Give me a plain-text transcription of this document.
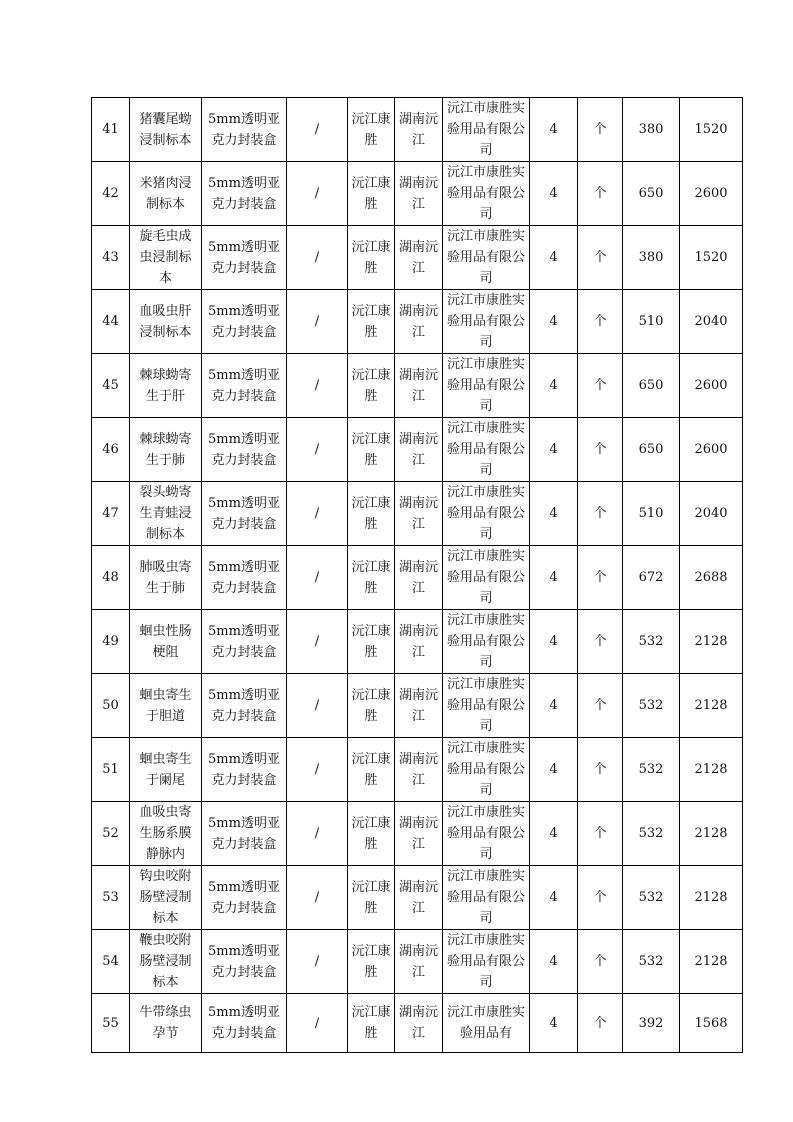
41	猪囊尾蚴浸制标本	5mm透明亚克力封装盒	/	沅江康胜	湖南沅江	沅江市康胜实验用品有限公司	4	个	380	1520
42	米猪肉浸制标本	5mm透明亚克力封装盒	/	沅江康胜	湖南沅江	沅江市康胜实验用品有限公司	4	个	650	2600
43	旋毛虫成虫浸制标本	5mm透明亚克力封装盒	/	沅江康胜	湖南沅江	沅江市康胜实验用品有限公司	4	个	380	1520
44	血吸虫肝浸制标本	5mm透明亚克力封装盒	/	沅江康胜	湖南沅江	沅江市康胜实验用品有限公司	4	个	510	2040
45	棘球蚴寄生于肝	5mm透明亚克力封装盒	/	沅江康胜	湖南沅江	沅江市康胜实验用品有限公司	4	个	650	2600
46	棘球蚴寄生于肺	5mm透明亚克力封装盒	/	沅江康胜	湖南沅江	沅江市康胜实验用品有限公司	4	个	650	2600
47	裂头蚴寄生青蛙浸制标本	5mm透明亚克力封装盒	/	沅江康胜	湖南沅江	沅江市康胜实验用品有限公司	4	个	510	2040
48	肺吸虫寄生于肺	5mm透明亚克力封装盒	/	沅江康胜	湖南沅江	沅江市康胜实验用品有限公司	4	个	672	2688
49	蛔虫性肠梗阻	5mm透明亚克力封装盒	/	沅江康胜	湖南沅江	沅江市康胜实验用品有限公司	4	个	532	2128
50	蛔虫寄生于胆道	5mm透明亚克力封装盒	/	沅江康胜	湖南沅江	沅江市康胜实验用品有限公司	4	个	532	2128
51	蛔虫寄生于阑尾	5mm透明亚克力封装盒	/	沅江康胜	湖南沅江	沅江市康胜实验用品有限公司	4	个	532	2128
52	血吸虫寄生肠系膜静脉内	5mm透明亚克力封装盒	/	沅江康胜	湖南沅江	沅江市康胜实验用品有限公司	4	个	532	2128
53	钩虫咬附肠壁浸制标本	5mm透明亚克力封装盒	/	沅江康胜	湖南沅江	沅江市康胜实验用品有限公司	4	个	532	2128
54	鞭虫咬附肠壁浸制标本	5mm透明亚克力封装盒	/	沅江康胜	湖南沅江	沅江市康胜实验用品有限公司	4	个	532	2128
55	牛带绦虫孕节	5mm透明亚克力封装盒	/	沅江康胜	湖南沅江	沅江市康胜实验用品有	4	个	392	1568
